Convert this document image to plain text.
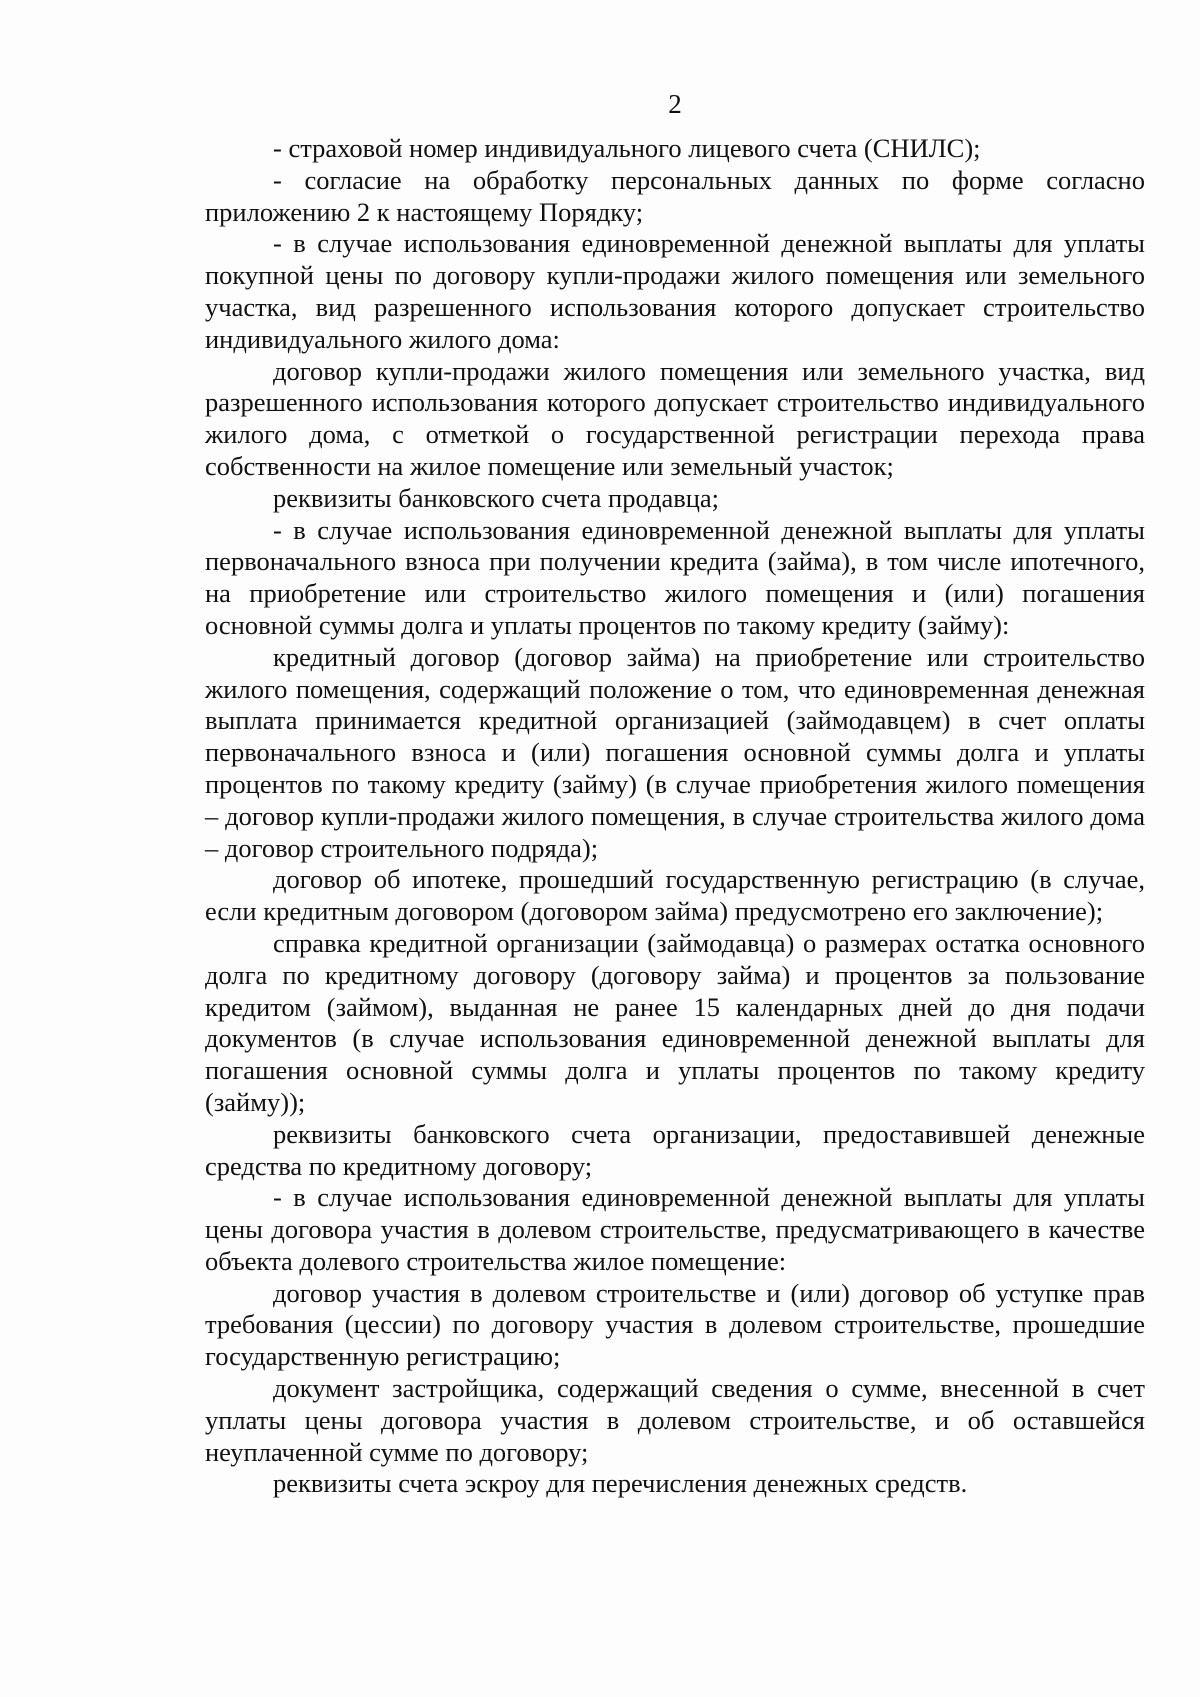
2

- страховой номер индивидуального лицевого счета (СНИЛС);

- согласие на обработку персональных данных по форме согласно приложению 2 к настоящему Порядку;

- в случае использования единовременной денежной выплаты для уплаты покупной цены по договору купли-продажи жилого помещения или земельного участка, вид разрешенного использования которого допускает строительство индивидуального жилого дома:

договор купли-продажи жилого помещения или земельного участка, вид разрешенного использования которого допускает строительство индивидуального жилого дома, с отметкой о государственной регистрации перехода права собственности на жилое помещение или земельный участок;

реквизиты банковского счета продавца;

- в случае использования единовременной денежной выплаты для уплаты первоначального взноса при получении кредита (займа), в том числе ипотечного, на приобретение или строительство жилого помещения и (или) погашения основной суммы долга и уплаты процентов по такому кредиту (займу):

кредитный договор (договор займа) на приобретение или строительство жилого помещения, содержащий положение о том, что единовременная денежная выплата принимается кредитной организацией (займодавцем) в счет оплаты первоначального взноса и (или) погашения основной суммы долга и уплаты процентов по такому кредиту (займу) (в случае приобретения жилого помещения – договор купли-продажи жилого помещения, в случае строительства жилого дома – договор строительного подряда);

договор об ипотеке, прошедший государственную регистрацию (в случае, если кредитным договором (договором займа) предусмотрено его заключение);

справка кредитной организации (займодавца) о размерах остатка основного долга по кредитному договору (договору займа) и процентов за пользование кредитом (займом), выданная не ранее 15 календарных дней до дня подачи документов (в случае использования единовременной денежной выплаты для погашения основной суммы долга и уплаты процентов по такому кредиту (займу));

реквизиты банковского счета организации, предоставившей денежные средства по кредитному договору;

- в случае использования единовременной денежной выплаты для уплаты цены договора участия в долевом строительстве, предусматривающего в качестве объекта долевого строительства жилое помещение:

договор участия в долевом строительстве и (или) договор об уступке прав требования (цессии) по договору участия в долевом строительстве, прошедшие государственную регистрацию;

документ застройщика, содержащий сведения о сумме, внесенной в счет уплаты цены договора участия в долевом строительстве, и об оставшейся неуплаченной сумме по договору;

реквизиты счета эскроу для перечисления денежных средств.
